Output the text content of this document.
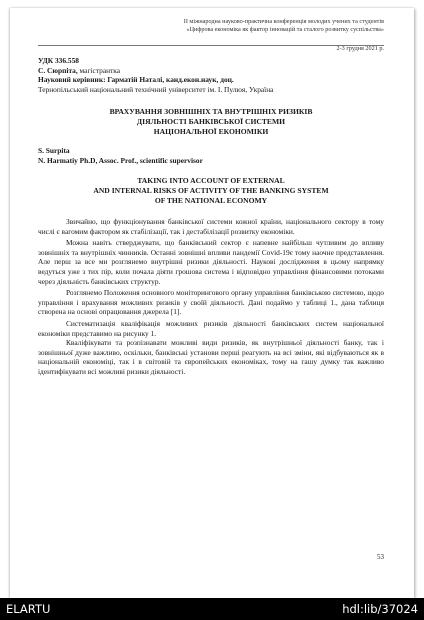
II міжнародна науково-практична конференція молодих учених та студентів
«Цифрова економіка як фактор інновацій та сталого розвитку суспільства»
2-3 грудня 2021 р.
УДК 336.558
С. Сюрпіта, магістрантка
Науковий керівник: Гарматій Наталі, канд.екон.наук, доц.
Тернопільський національний технічний університет ім. І. Пулюя, Україна
ВРАХУВАННЯ ЗОВНІШНІХ ТА ВНУТРІШНІХ РИЗИКІВ
ДІЯЛЬНОСТІ БАНКІВСЬКОЇ СИСТЕМИ
НАЦІОНАЛЬНОЇ ЕКОНОМІКИ
S. Surpita
N. Harmatiy Ph.D, Assoc. Prof., scientific supervisor
TAKING INTO ACCOUNT OF EXTERNAL
AND INTERNAL RISKS OF ACTIVITY OF THE BANKING SYSTEM
OF THE NATIONAL ECONOMY

Звичайно, що функціонування банківської системи кожної країни, національного сектору в тому числі є вагомим фактором як стабілізації, так і дестабілізації розвитку економіки.

Можна навіть стверджувати, що банківський сектор є напевне найбільш чутливим до впливу зовнішніх та внутрішніх чинників. Останні зовнішні впливи пандемії Covid-19є тому наочне представлення. Але перш за все ми розглянемо внутрішні ризики діяльності. Наукові дослідження в цьому напрямку ведуться уже з тих пір, коли почала діяти грошова система і відповідно управління фінансовими потоками через діяльність банківських структур.

Розглянемо Положення основного моніторингового органу управління банківською системою, щодо управління і врахування можливих ризиків у своїй діяльності. Дані подаймо у таблиці 1., дана таблиця створена на основі опрацювання джерела [1].

Систематизація кваліфікація можливих ризиків діяльності банківських систем національної економіки представимо на рисунку 1.

Кваліфікувати та розпізнавати можливі види ризиків, як внутрішньої діяльності банку, так і зовнішньої дуже важливо, оскільки, банківські установи перші реагують на всі зміни, які відбуваються як в національній економіці, так і в світовій та європейських економіках, тому на гашу думку так важливо ідентифікувати всі можливі ризики діяльності.

53
ELARTU	hdl:lib/37024
